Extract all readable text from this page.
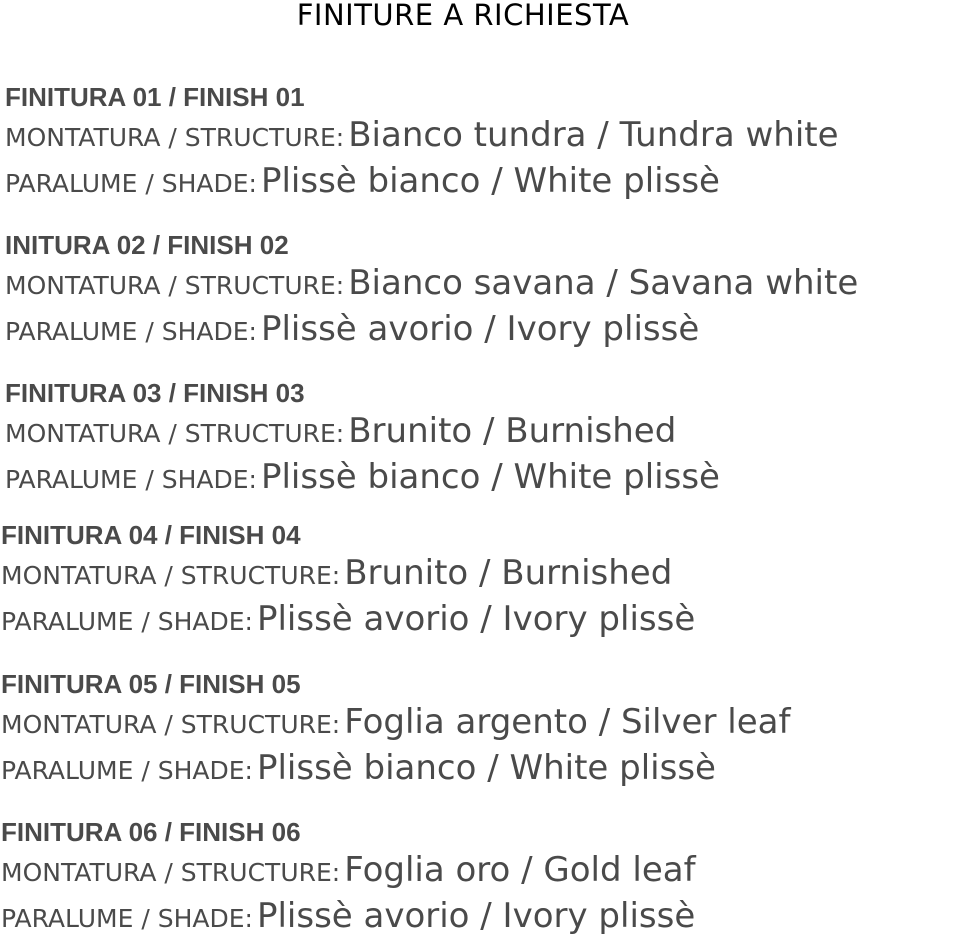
FINITURE A RICHIESTA
FINITURA 01 / FINISH 01
MONTATURA / STRUCTURE: Bianco tundra / Tundra white
PARALUME / SHADE: Plissè bianco / White plissè
INITURA 02 / FINISH 02
MONTATURA / STRUCTURE: Bianco savana / Savana white
PARALUME / SHADE: Plissè avorio / Ivory plissè
FINITURA 03 / FINISH 03
MONTATURA / STRUCTURE: Brunito / Burnished
PARALUME / SHADE: Plissè bianco / White plissè
FINITURA 04 / FINISH 04
MONTATURA / STRUCTURE: Brunito / Burnished
PARALUME / SHADE: Plissè avorio / Ivory plissè
FINITURA 05 / FINISH 05
MONTATURA / STRUCTURE: Foglia argento / Silver leaf
PARALUME / SHADE: Plissè bianco / White plissè
FINITURA 06 / FINISH 06
MONTATURA / STRUCTURE: Foglia oro / Gold leaf
PARALUME / SHADE: Plissè avorio / Ivory plissè
